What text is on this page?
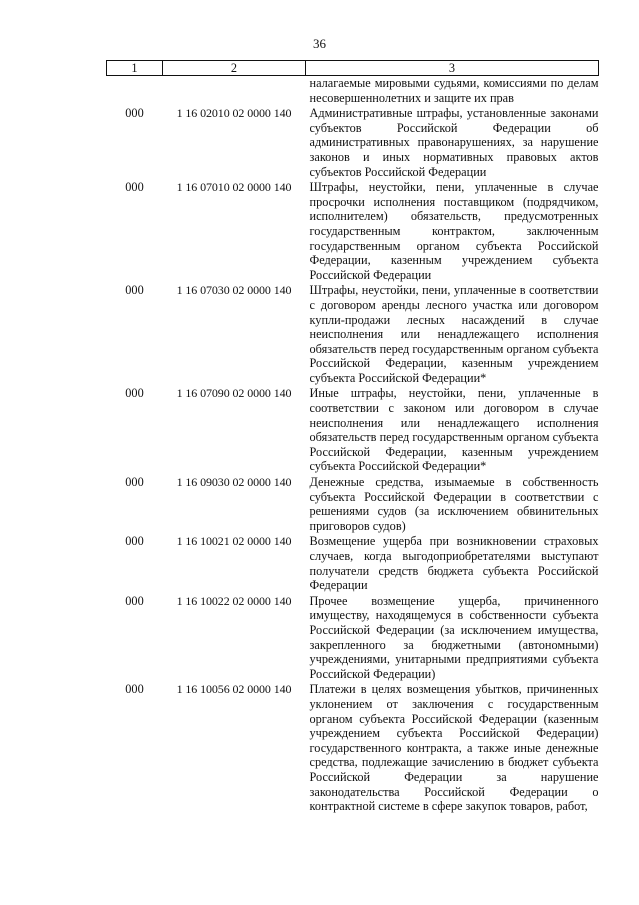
36
1	2	3
		налагаемые мировыми судьями, комиссиями по делам несовершеннолетних и защите их прав
000	1 16 02010 02 0000 140	Административные штрафы, установленные законами субъектов Российской Федерации об административных правонарушениях, за нарушение законов и иных нормативных правовых актов субъектов Российской Федерации
000	1 16 07010 02 0000 140	Штрафы, неустойки, пени, уплаченные в случае просрочки исполнения поставщиком (подрядчиком, исполнителем) обязательств, предусмотренных государственным контрактом, заключенным государственным органом субъекта Российской Федерации, казенным учреждением субъекта Российской Федерации
000	1 16 07030 02 0000 140	Штрафы, неустойки, пени, уплаченные в соответствии с договором аренды лесного участка или договором купли-продажи лесных насаждений в случае неисполнения или ненадлежащего исполнения обязательств перед государственным органом субъекта Российской Федерации, казенным учреждением субъекта Российской Федерации*
000	1 16 07090 02 0000 140	Иные штрафы, неустойки, пени, уплаченные в соответствии с законом или договором в случае неисполнения или ненадлежащего исполнения обязательств перед государственным органом субъекта Российской Федерации, казенным учреждением субъекта Российской Федерации*
000	1 16 09030 02 0000 140	Денежные средства, изымаемые в собственность субъекта Российской Федерации в соответствии с решениями судов (за исключением обвинительных приговоров судов)
000	1 16 10021 02 0000 140	Возмещение ущерба при возникновении страховых случаев, когда выгодоприобретателями выступают получатели средств бюджета субъекта Российской Федерации
000	1 16 10022 02 0000 140	Прочее возмещение ущерба, причиненного имуществу, находящемуся в собственности субъекта Российской Федерации (за исключением имущества, закрепленного за бюджетными (автономными) учреждениями, унитарными предприятиями субъекта Российской Федерации)
000	1 16 10056 02 0000 140	Платежи в целях возмещения убытков, причиненных уклонением от заключения с государственным органом субъекта Российской Федерации (казенным учреждением субъекта Российской Федерации) государственного контракта, а также иные денежные средства, подлежащие зачислению в бюджет субъекта Российской Федерации за нарушение законодательства Российской Федерации о контрактной системе в сфере закупок товаров, работ,
